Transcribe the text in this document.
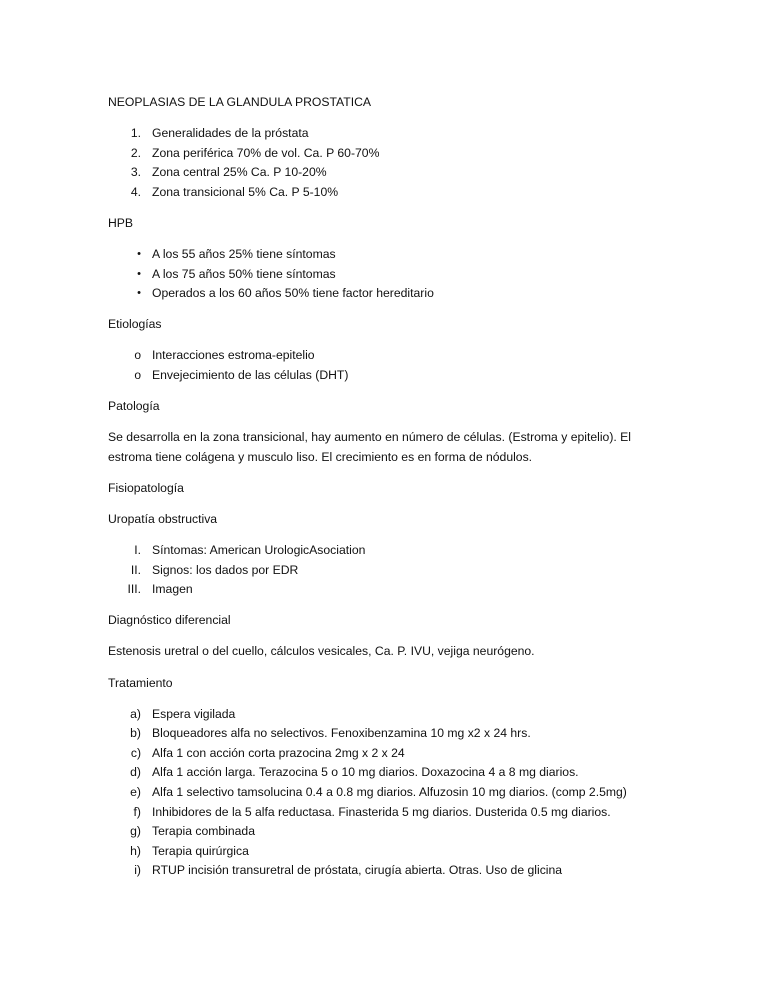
NEOPLASIAS DE LA GLANDULA PROSTATICA

1. Generalidades de la próstata
2. Zona periférica 70% de vol. Ca. P 60-70%
3. Zona central 25% Ca. P 10-20%
4. Zona transicional 5% Ca. P 5-10%

HPB

• A los 55 años 25% tiene síntomas
• A los 75 años 50% tiene síntomas
• Operados a los 60 años 50% tiene factor hereditario

Etiologías

o Interacciones estroma-epitelio
o Envejecimiento de las células (DHT)

Patología

Se desarrolla en la zona transicional, hay aumento en número de células. (Estroma y epitelio). El estroma tiene colágena y musculo liso. El crecimiento es en forma de nódulos.

Fisiopatología

Uropatía obstructiva

I. Síntomas: American UrologicAsociation
II. Signos: los dados por EDR
III. Imagen

Diagnóstico diferencial

Estenosis uretral o del cuello, cálculos vesicales, Ca. P. IVU, vejiga neurógeno.

Tratamiento

a) Espera vigilada
b) Bloqueadores alfa no selectivos. Fenoxibenzamina 10 mg x2 x 24 hrs.
c) Alfa 1 con acción corta prazocina 2mg x 2 x 24
d) Alfa 1 acción larga. Terazocina 5 o 10 mg diarios. Doxazocina 4 a 8 mg diarios.
e) Alfa 1 selectivo tamsolucina 0.4 a 0.8 mg diarios. Alfuzosin 10 mg diarios. (comp 2.5mg)
f) Inhibidores de la 5 alfa reductasa. Finasterida 5 mg diarios. Dusterida 0.5 mg diarios.
g) Terapia combinada
h) Terapia quirúrgica
i) RTUP incisión transuretral de próstata, cirugía abierta. Otras. Uso de glicina
